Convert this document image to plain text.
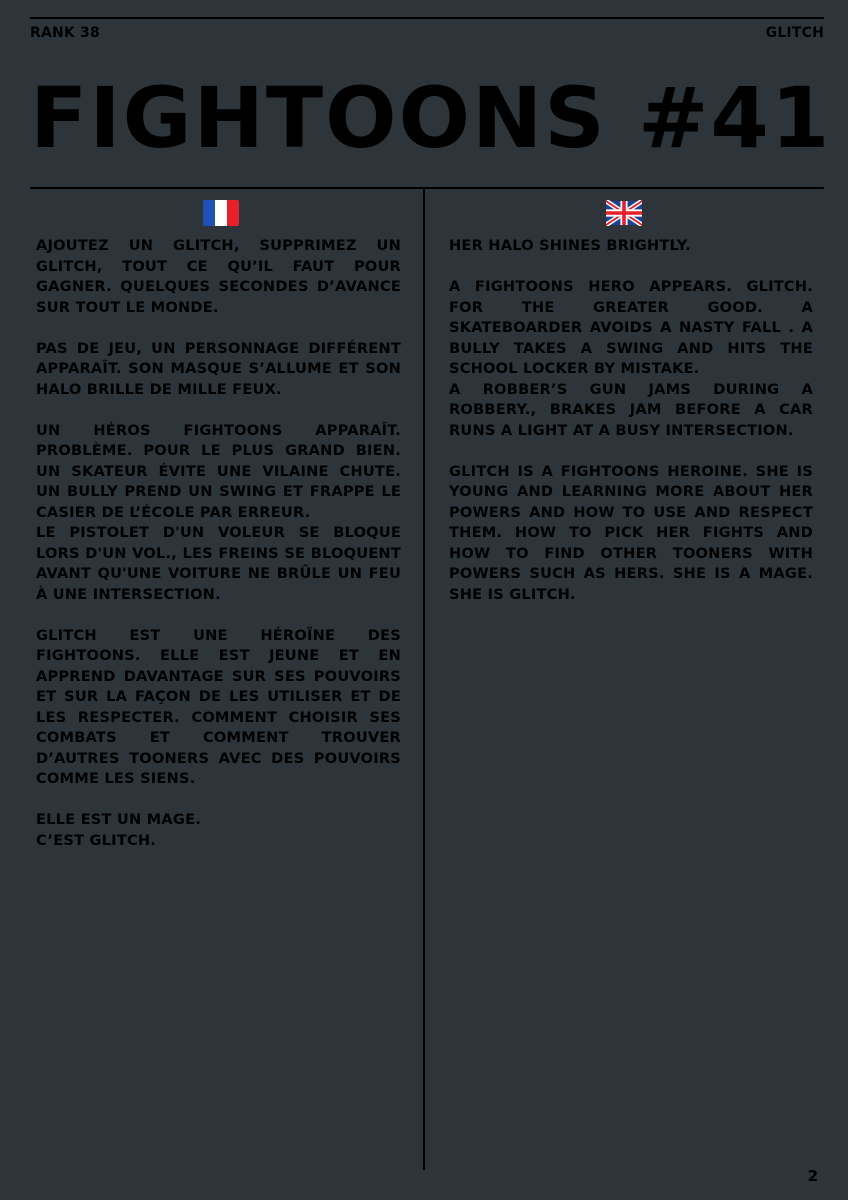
RANK 38	GLITCH
FIGHTOONS #41

AJOUTEZ UN GLITCH, SUPPRIMEZ UN GLITCH, TOUT CE QU’IL FAUT POUR GAGNER. QUELQUES SECONDES D’AVANCE SUR TOUT LE MONDE.

PAS DE JEU, UN PERSONNAGE DIFFÉRENT APPARAÎT. SON MASQUE S’ALLUME ET SON HALO BRILLE DE MILLE FEUX.

UN HÉROS FIGHTOONS APPARAÎT. PROBLÈME. POUR LE PLUS GRAND BIEN. UN SKATEUR ÉVITE UNE VILAINE CHUTE. UN BULLY PREND UN SWING ET FRAPPE LE CASIER DE L’ÉCOLE PAR ERREUR.
LE PISTOLET D'UN VOLEUR SE BLOQUE LORS D'UN VOL., LES FREINS SE BLOQUENT AVANT QU'UNE VOITURE NE BRÛLE UN FEU À UNE INTERSECTION.

GLITCH EST UNE HÉROÏNE DES FIGHTOONS. ELLE EST JEUNE ET EN APPREND DAVANTAGE SUR SES POUVOIRS ET SUR LA FAÇON DE LES UTILISER ET DE LES RESPECTER. COMMENT CHOISIR SES COMBATS ET COMMENT TROUVER D’AUTRES TOONERS AVEC DES POUVOIRS COMME LES SIENS.

ELLE EST UN MAGE.
C’EST GLITCH.

HER HALO SHINES BRIGHTLY.

A FIGHTOONS HERO APPEARS. GLITCH. FOR THE GREATER GOOD. A SKATEBOARDER AVOIDS A NASTY FALL . A BULLY TAKES A SWING AND HITS THE SCHOOL LOCKER BY MISTAKE.
A ROBBER’S GUN JAMS DURING A ROBBERY., BRAKES JAM BEFORE A CAR RUNS A LIGHT AT A BUSY INTERSECTION.

GLITCH IS A FIGHTOONS HEROINE. SHE IS YOUNG AND LEARNING MORE ABOUT HER POWERS AND HOW TO USE AND RESPECT THEM. HOW TO PICK HER FIGHTS AND HOW TO FIND OTHER TOONERS WITH POWERS SUCH AS HERS. SHE IS A MAGE. SHE IS GLITCH.

2
